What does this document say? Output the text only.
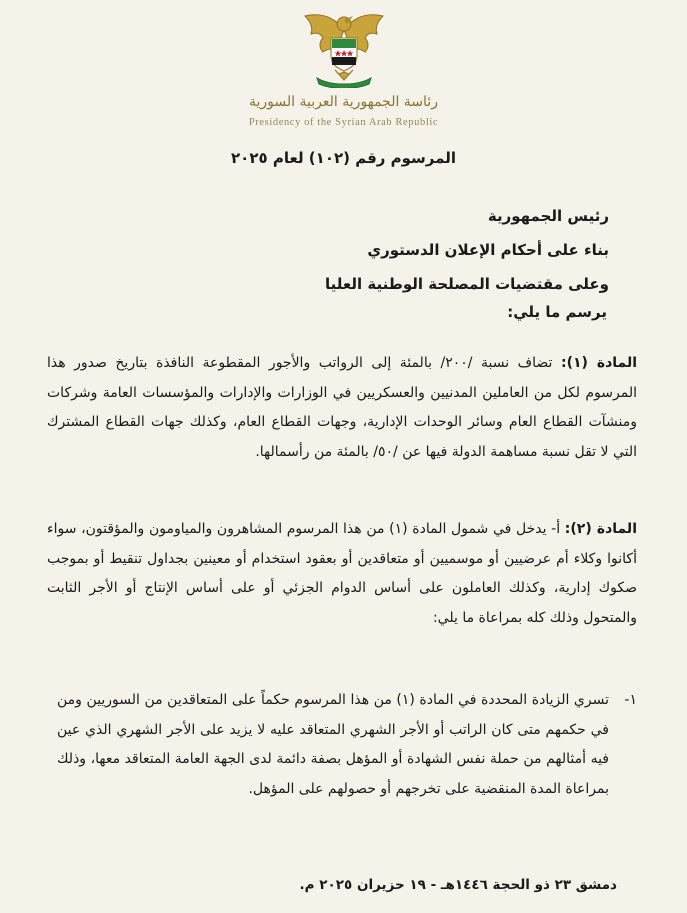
رئاسة الجمهورية العربية السورية
Presidency of the Syrian Arab Republic
المرسوم رقم (١٠٢) لعام ٢٠٢٥
رئيس الجمهورية
بناء على أحكام الإعلان الدستوري
وعلى مقتضيات المصلحة الوطنية العليا
يرسم ما يلي:
المادة (١): تضاف نسبة /٢٠٠/ بالمئة إلى الرواتب والأجور المقطوعة النافذة بتاريخ صدور هذا المرسوم لكل من العاملين المدنيين والعسكريين في الوزارات والإدارات والمؤسسات العامة وشركات ومنشآت القطاع العام وسائر الوحدات الإدارية، وجهات القطاع العام، وكذلك جهات القطاع المشترك التي لا تقل نسبة مساهمة الدولة فيها عن /٥٠/ بالمئة من رأسمالها.
المادة (٢): أ- يدخل في شمول المادة (١) من هذا المرسوم المشاهرون والمياومون والمؤقتون، سواء أكانوا وكلاء أم عرضيين أو موسميين أو متعاقدين أو بعقود استخدام أو معينين بجداول تنقيط أو بموجب صكوك إدارية، وكذلك العاملون على أساس الدوام الجزئي أو على أساس الإنتاج أو الأجر الثابت والمتحول وذلك كله بمراعاة ما يلي:
١-
تسري الزيادة المحددة في المادة (١) من هذا المرسوم حكماً على المتعاقدين من السوريين ومن في حكمهم متى كان الراتب أو الأجر الشهري المتعاقد عليه لا يزيد على الأجر الشهري الذي عين فيه أمثالهم من حملة نفس الشهادة أو المؤهل بصفة دائمة لدى الجهة العامة المتعاقد معها، وذلك بمراعاة المدة المنقضية على تخرجهم أو حصولهم على المؤهل.
دمشق ٢٣ ذو الحجة ١٤٤٦هـ - ١٩ حزيران ٢٠٢٥ م.
